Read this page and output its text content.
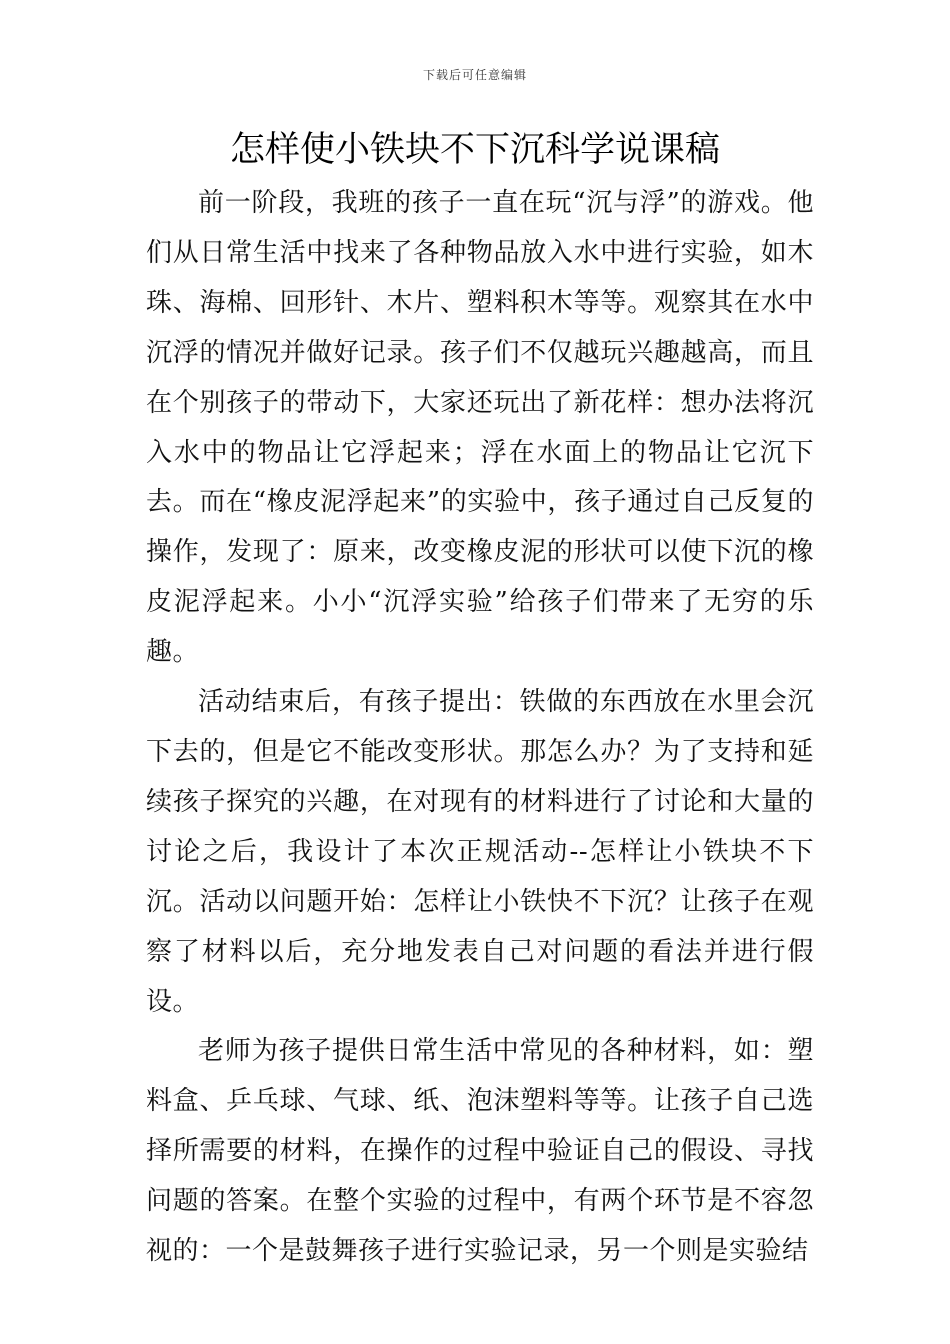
下载后可任意编辑
怎样使小铁块不下沉科学说课稿

前一阶段，我班的孩子一直在玩“沉与浮”的游戏。他们从日常生活中找来了各种物品放入水中进行实验，如木珠、海棉、回形针、木片、塑料积木等等。观察其在水中沉浮的情况并做好记录。孩子们不仅越玩兴趣越高，而且在个别孩子的带动下，大家还玩出了新花样：想办法将沉入水中的物品让它浮起来；浮在水面上的物品让它沉下去。而在“橡皮泥浮起来”的实验中，孩子通过自己反复的操作，发现了：原来，改变橡皮泥的形状可以使下沉的橡皮泥浮起来。小小“沉浮实验”给孩子们带来了无穷的乐趣。

活动结束后，有孩子提出：铁做的东西放在水里会沉下去的，但是它不能改变形状。那怎么办？为了支持和延续孩子探究的兴趣，在对现有的材料进行了讨论和大量的讨论之后，我设计了本次正规活动--怎样让小铁块不下沉。活动以问题开始：怎样让小铁快不下沉？让孩子在观察了材料以后，充分地发表自己对问题的看法并进行假设。

老师为孩子提供日常生活中常见的各种材料，如：塑料盒、乒乓球、气球、纸、泡沫塑料等等。让孩子自己选择所需要的材料，在操作的过程中验证自己的假设、寻找问题的答案。在整个实验的过程中，有两个环节是不容忽视的：一个是鼓舞孩子进行实验记录，另一个则是实验结
